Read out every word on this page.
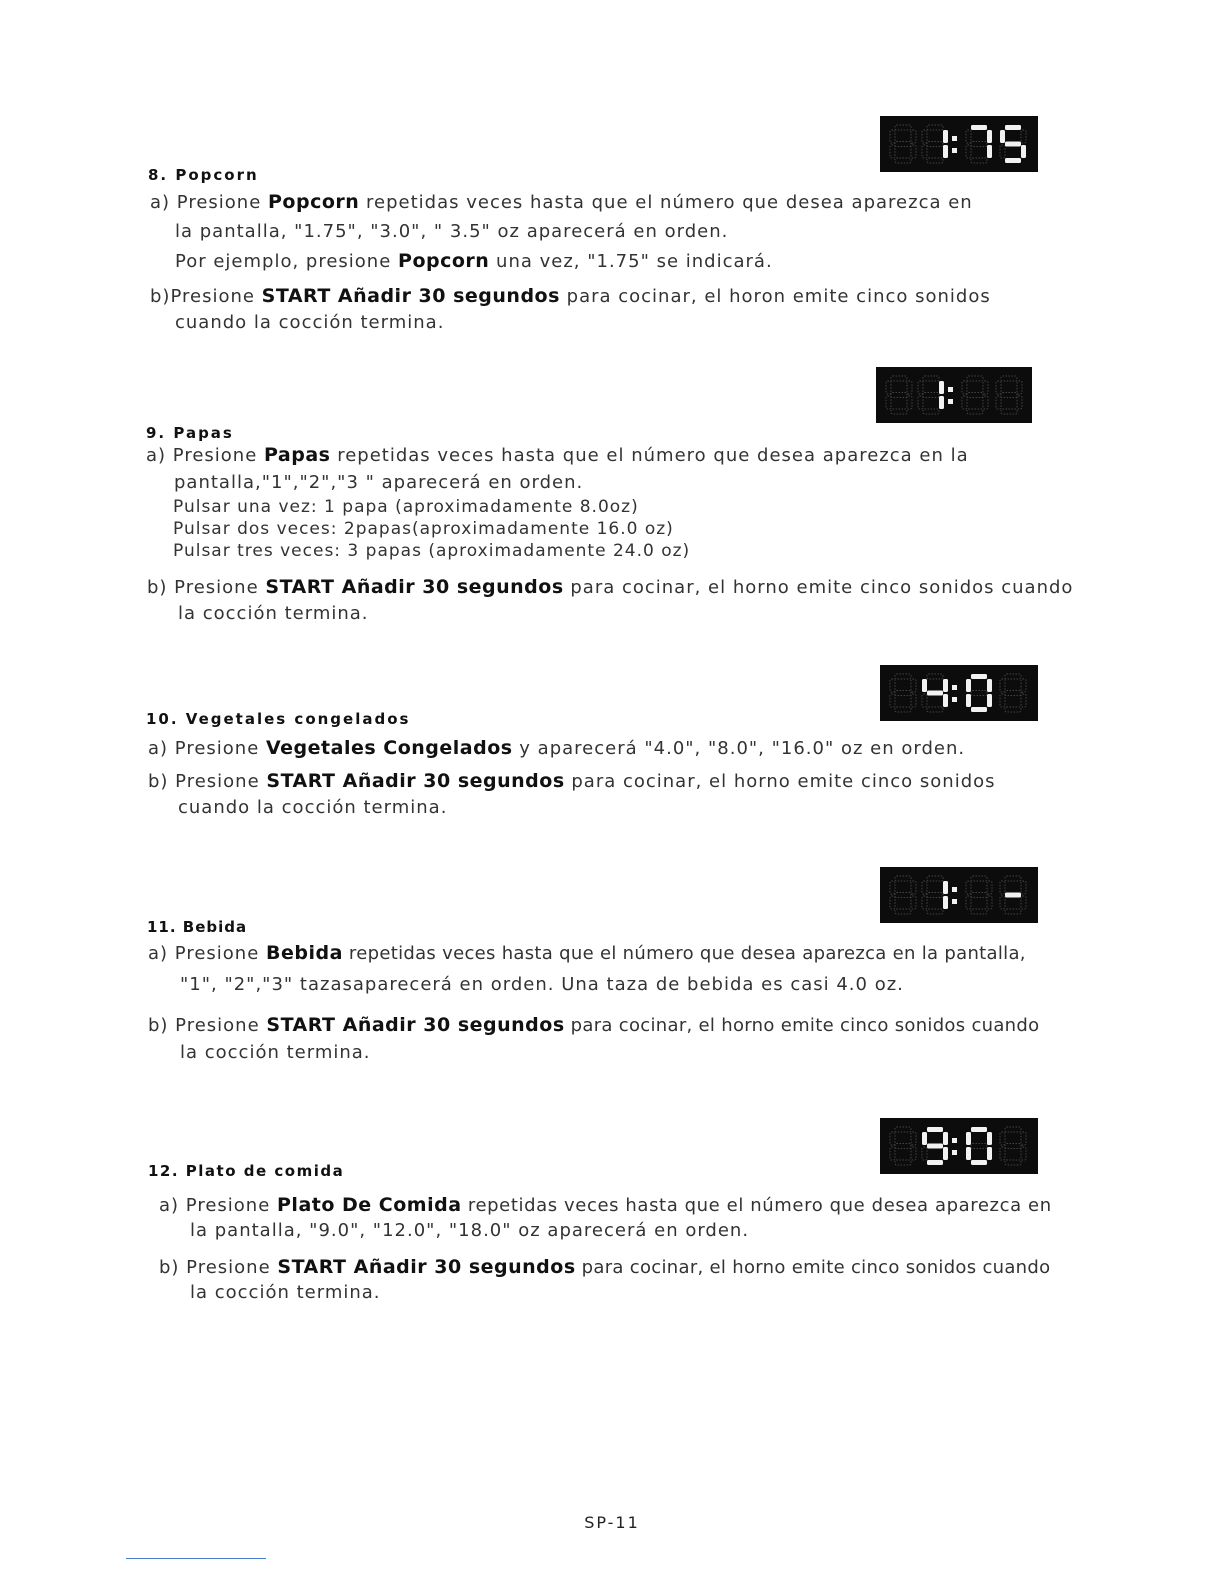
8. Popcorn
a) Presione Popcorn repetidas veces hasta que el número que desea aparezca en
la pantalla, "1.75", "3.0", " 3.5" oz aparecerá en orden.
Por ejemplo, presione Popcorn una vez, "1.75" se indicará.
b)Presione START Añadir 30 segundos para cocinar, el horon emite cinco sonidos
cuando la cocción termina.
9. Papas
a) Presione Papas repetidas veces hasta que el número que desea aparezca en la
pantalla,"1","2","3 " aparecerá en orden.
Pulsar una vez: 1 papa (aproximadamente 8.0oz)
Pulsar dos veces: 2papas(aproximadamente 16.0 oz)
Pulsar tres veces: 3 papas (aproximadamente 24.0 oz)
b) Presione START Añadir 30 segundos para cocinar, el horno emite cinco sonidos cuando
la cocción termina.
10. Vegetales congelados
a) Presione Vegetales Congelados y aparecerá "4.0", "8.0", "16.0" oz en orden.
b) Presione START Añadir 30 segundos para cocinar, el horno emite cinco sonidos
cuando la cocción termina.
11. Bebida
a) Presione Bebida repetidas veces hasta que el número que desea aparezca en la pantalla,
"1", "2","3" tazasaparecerá en orden. Una taza de bebida es casi 4.0 oz.
b) Presione START Añadir 30 segundos para cocinar, el horno emite cinco sonidos cuando
la cocción termina.
12. Plato de comida
a) Presione Plato De Comida repetidas veces hasta que el número que desea aparezca en
la pantalla, "9.0", "12.0", "18.0" oz aparecerá en orden.
b) Presione START Añadir 30 segundos para cocinar, el horno emite cinco sonidos cuando
la cocción termina.
SP-11
